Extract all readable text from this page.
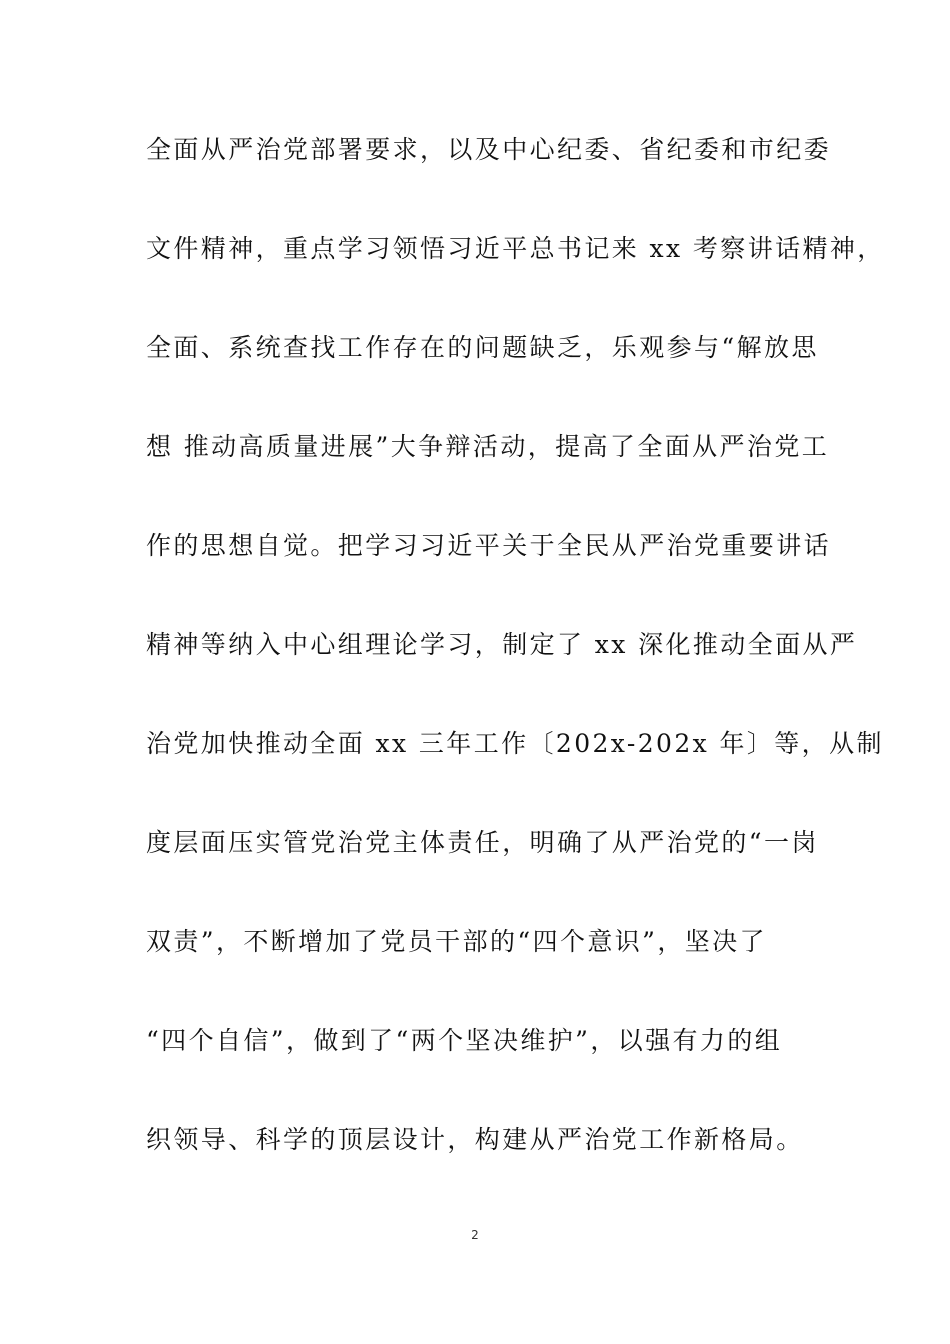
全面从严治党部署要求，以及中心纪委、省纪委和市纪委
文件精神，重点学习领悟习近平总书记来 xx 考察讲话精神，
全面、系统查找工作存在的问题缺乏，乐观参与“解放思
想 推动高质量进展”大争辩活动，提高了全面从严治党工
作的思想自觉。把学习习近平关于全民从严治党重要讲话
精神等纳入中心组理论学习，制定了 xx 深化推动全面从严
治党加快推动全面 xx 三年工作〔202x-202x 年〕等，从制
度层面压实管党治党主体责任，明确了从严治党的“一岗
双责”，不断增加了党员干部的“四个意识”，坚决了
“四个自信”，做到了“两个坚决维护”，以强有力的组
织领导、科学的顶层设计，构建从严治党工作新格局。
2
